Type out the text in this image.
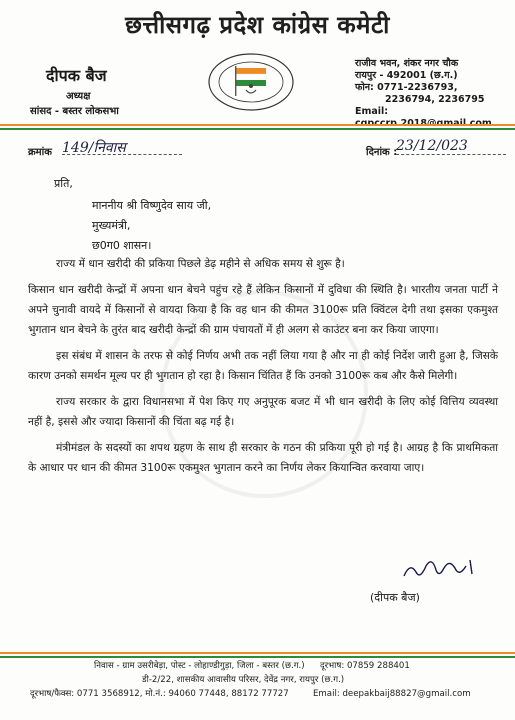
छत्तीसगढ़ प्रदेश कांग्रेस कमेटी
दीपक बैज
अध्यक्ष
सांसद - बस्तर लोकसभा
राजीव भवन, शंकर नगर चौक
रायपुर - 492001 (छ.ग.)
फोन: 0771-2236793,
2236794, 2236795
Email:
क्रमांक 149/निवास	दिनांक :
23/12/023
प्रति,
माननीय श्री विष्णुदेव साय जी,
मुख्यमंत्री,
छ0ग0 शासन।

राज्य में धान खरीदी की प्रकिया पिछले डेढ़ महीने से अधिक समय से शुरू है।

किसान धान खरीदी केन्द्रों में अपना धान बेचने पहुंच रहे हैं लेकिन किसानों में दुविधा की स्थिति है। भारतीय जनता पार्टी ने अपने चुनावी वायदे में किसानों से वायदा किया है कि वह धान की कीमत 3100रू प्रति क्विंटल देगी तथा इसका एकमुश्त भुगतान धान बेचने के तुरंत बाद खरीदी केन्द्रों की ग्राम पंचायतों में ही अलग से काउंटर बना कर किया जाएगा।

इस संबंध में शासन के तरफ से कोई निर्णय अभी तक नहीं लिया गया है और ना ही कोई निर्देश जारी हुआ है, जिसके कारण उनको समर्थन मूल्य पर ही भुगतान हो रहा है। किसान चिंतित हैं कि उनको 3100रू कब और कैसे मिलेगी।

राज्य सरकार के द्वारा विधानसभा में पेश किए गए अनुपूरक बजट में भी धान खरीदी के लिए कोई वित्तिय व्यवस्था नहीं है, इससे और ज्यादा किसानों की चिंता बढ़ गई है।

मंत्रीमंडल के सदस्यों का शपथ ग्रहण के साथ ही सरकार के गठन की प्रकिया पूरी हो गई है। आग्रह है कि प्राथमिकता के आधार पर धान की कीमत 3100रू एकमुश्त भुगतान करने का निर्णय लेकर कियान्वित करवाया जाए।

(दीपक बैज)
निवास - ग्राम उसरीबेड़ा, पोस्ट - लोहाण्डीगुड़ा, जिला - बस्तर (छ.ग.) दूरभाष: 07859 288401
डी-2/22, शासकीय आवासीय परिसर, देवेंद्र नगर, रायपुर (छ.ग.)
दूरभाष/फैक्स: 0771 3568912, मो.नं.: 94060 77448, 88172 77727	Email: deepakbaij88827@gmail.com
